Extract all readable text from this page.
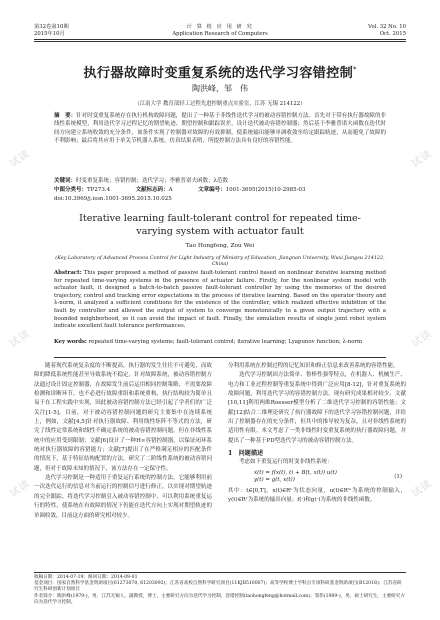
第32卷第10期
2015年10月
计 算 机 应 用 研 究
Application Research of Computers
Vol. 32 No. 10
Oct. 2015
执行器故障时变重复系统的迭代学习容错控制*
陶洪峰，邹　伟
（江南大学 教育部轻工过程先进控制重点实验室，江苏 无锡 214122）
摘　要：针对时变重复系统存在执行机构故障问题，提出了一种基于非线性迭代学习的被动容错控制方法。首先对于带有执行器故障的非线性系统模型，利用迭代学习过程记忆的期望轨迹、期望控制和跟踪误差，设计迭代被动容错控制器；然后基于李雅普诺夫函数在迭代时间方向建立系统收敛的充分条件，该条件实现了控制器对故障的有效抑制，使系统输出能够单调收敛至给定跟踪轨迹，从而避免了故障的不利影响；最后将其应用于单关节机器人系统。仿真结果表明，所提控制方法具有良好的容错性能。
关键词：时变重复系统；容错控制；迭代学习；李雅普诺夫函数；λ范数
中图分类号：TP273.4	文献标志码：A	文章编号：1001-3695(2015)10-2985-03
doi:10.3969/j.issn.1001-3695.2015.10.025
Iterative learning fault-tolerant control for repeated time-varying system with actuator fault
Tao Hongfeng, Zou Wei
(Key Laboratory of Advanced Process Control for Light Industry of Ministry of Education, Jiangnan University, Wuxi Jiangsu 214122, China)
Abstract: This paper proposed a method of passive fault-tolerant control based on nonlinear iterative learning method for repeated time-varying systems in the presence of actuator failure. Firstly, for the nonlinear system model with actuator fault, it designed a batch-to-batch passive fault-tolerant controller by using the memories of the desired trajectory, control and tracking error expectations in the process of iterative learning. Based on the operator theory and λ-norm, it analyzed a sufficient conditions for the existence of the controller, which realized effective inhibition of the fault by controller and allowed the output of system to converge monotonically to a given output trajectory with a bounded neighborhood, so it can avoid the impact of fault. Finally, the simulation results of single joint robot system indicate excellent fault tolerance performances.
Key words: repeated time-varying systems; fault-tolerant control; iterative learning; Lyapunov function; λ-norm

随着现代系统复杂度的不断提高，执行器的发生往往不可避免，而故障的降低系统性能甚至导致系统不稳定。针对故障系统，被动容错控制方法通过设计固定控制器，在故障发生前后运用相同控制策略，不需要故障检测和诊断环节，也不必进行故障重组和系统重构，执行结构较为简单且易于在工程实践中实现，因此被动容错控制方法已经引起了学者们的广泛关注[1-5]。目前，对于被动容错控制问题的研究主要集中在连续系统上，例如，文献[4,5]针对执行器故障、利用线性矩阵不等式的方法，研究了线性定常系统和线性不确定系统的被动容错控制问题，但在非线性系统中的应用受到限制；文献[6]设计了一种H∞容错控制器，以保证闭环系统对执行器故障的容错能力；文献[7]提出了在严格满足相应的匹配条件的情况下，基于特征结构配置的方法，研究了二阶线性系统的被动容错问题，但对于故障未知的情况下，该方法存在一定保守性。

迭代学习控制是一种适用于重复运行系统的控制方法，它能够利用前一次迭代运行的信息对当前运行的控制信号进行修正，以实现对期望轨迹的完全跟踪。将迭代学习控制引入被动容错控制中，可以利用系统重复运行的特性，使系统在有故障的情况下仍能在迭代方向上实现对期望轨迹的单调收敛，目前这方面的研究相对较少。

分利用系统在控制过程的记忆知识和修正信息来改善系统的容错性能。

迭代学习控制因方法简单、鲁棒性强等特点，在机器人、机械生产、电力和工业过程控制等重复系统中得到广泛应用[8-12]，针对重复系统的故障问题，利用迭代学习的容错控制方法，现有研究成果相对较少。文献[10,11]利用两维Roesser模型分析了二维迭代学习控制的容错性能；文献[12]结合二维理论研究了执行器故障下的迭代学习容错控制问题，并给出了控制器存在的充分条件，但其中的推导较为复杂，且对非线性系统的适用性有限。本文考虑了一类非线性时变重复系统的执行器故障问题，并提出了一种基于PD型迭代学习的被动容错控制方法。

1　问题描述

考虑如下重复运行的时变非线性系统：

ẋ(t) = f(x(t), t) + B(t, x(t)) u(t)
y(t) = g(t, x(t))
(1)

其中：t∈[0,T]，x(t)∈Rⁿ为状态向量，u(t)∈Rᵐ为系统的控制输入，y(t)∈Rʳ为系统的输出向量；f(·)和g(·)为系统的非线性函数。

收稿日期：2014-07-19；修回日期：2014-09-01
基金项目：国家自然科学基金资助项目(61273070, 61203092)；江苏省高校自然科学研究项目(11KJB510007)；高等学校博士学科点专项科研基金资助项目(B12018)；江苏省研究生科研创新计划项目
作者简介：陶洪峰(1979-)，男，江苏无锡人，副教授，博士，主要研究方向为迭代学习控制、容错控制(taohongfeng@hotmail.com)；邹伟(1989-)，男，硕士研究生，主要研究方向为迭代学习控制。
试读	试读
试读	试读
试读	试读
